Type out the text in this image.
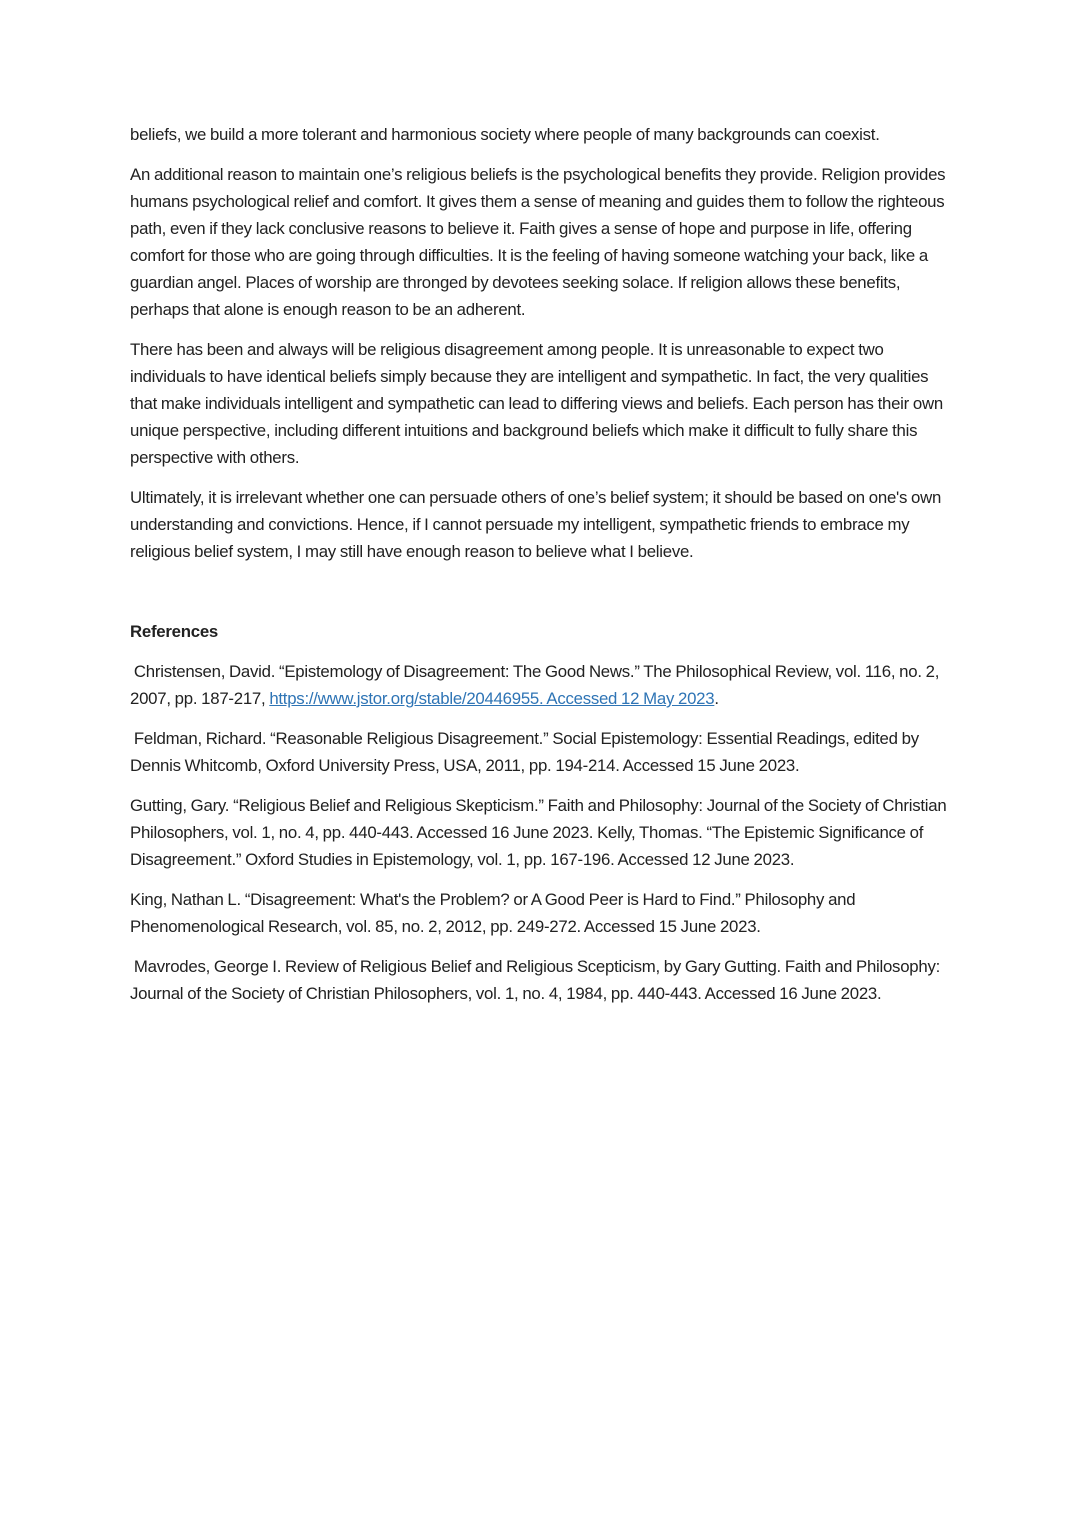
beliefs, we build a more tolerant and harmonious society where people of many backgrounds can coexist.

An additional reason to maintain one’s religious beliefs is the psychological benefits they provide. Religion provides humans psychological relief and comfort. It gives them a sense of meaning and guides them to follow the righteous path, even if they lack conclusive reasons to believe it. Faith gives a sense of hope and purpose in life, offering comfort for those who are going through difficulties. It is the feeling of having someone watching your back, like a guardian angel. Places of worship are thronged by devotees seeking solace. If religion allows these benefits, perhaps that alone is enough reason to be an adherent.

There has been and always will be religious disagreement among people. It is unreasonable to expect two individuals to have identical beliefs simply because they are intelligent and sympathetic. In fact, the very qualities that make individuals intelligent and sympathetic can lead to differing views and beliefs. Each person has their own unique perspective, including different intuitions and background beliefs which make it difficult to fully share this perspective with others.

Ultimately, it is irrelevant whether one can persuade others of one’s belief system; it should be based on one's own understanding and convictions. Hence, if I cannot persuade my intelligent, sympathetic friends to embrace my religious belief system, I may still have enough reason to believe what I believe.

References

Christensen, David. “Epistemology of Disagreement: The Good News.” The Philosophical Review, vol. 116, no. 2, 2007, pp. 187-217, https://www.jstor.org/stable/20446955. Accessed 12 May 2023.

Feldman, Richard. “Reasonable Religious Disagreement.” Social Epistemology: Essential Readings, edited by Dennis Whitcomb, Oxford University Press, USA, 2011, pp. 194-214. Accessed 15 June 2023.

Gutting, Gary. “Religious Belief and Religious Skepticism.” Faith and Philosophy: Journal of the Society of Christian Philosophers, vol. 1, no. 4, pp. 440-443. Accessed 16 June 2023. Kelly, Thomas. “The Epistemic Significance of Disagreement.” Oxford Studies in Epistemology, vol. 1, pp. 167-196. Accessed 12 June 2023.

King, Nathan L. “Disagreement: What's the Problem? or A Good Peer is Hard to Find.” Philosophy and Phenomenological Research, vol. 85, no. 2, 2012, pp. 249-272. Accessed 15 June 2023.

Mavrodes, George I. Review of Religious Belief and Religious Scepticism, by Gary Gutting. Faith and Philosophy: Journal of the Society of Christian Philosophers, vol. 1, no. 4, 1984, pp. 440-443. Accessed 16 June 2023.
